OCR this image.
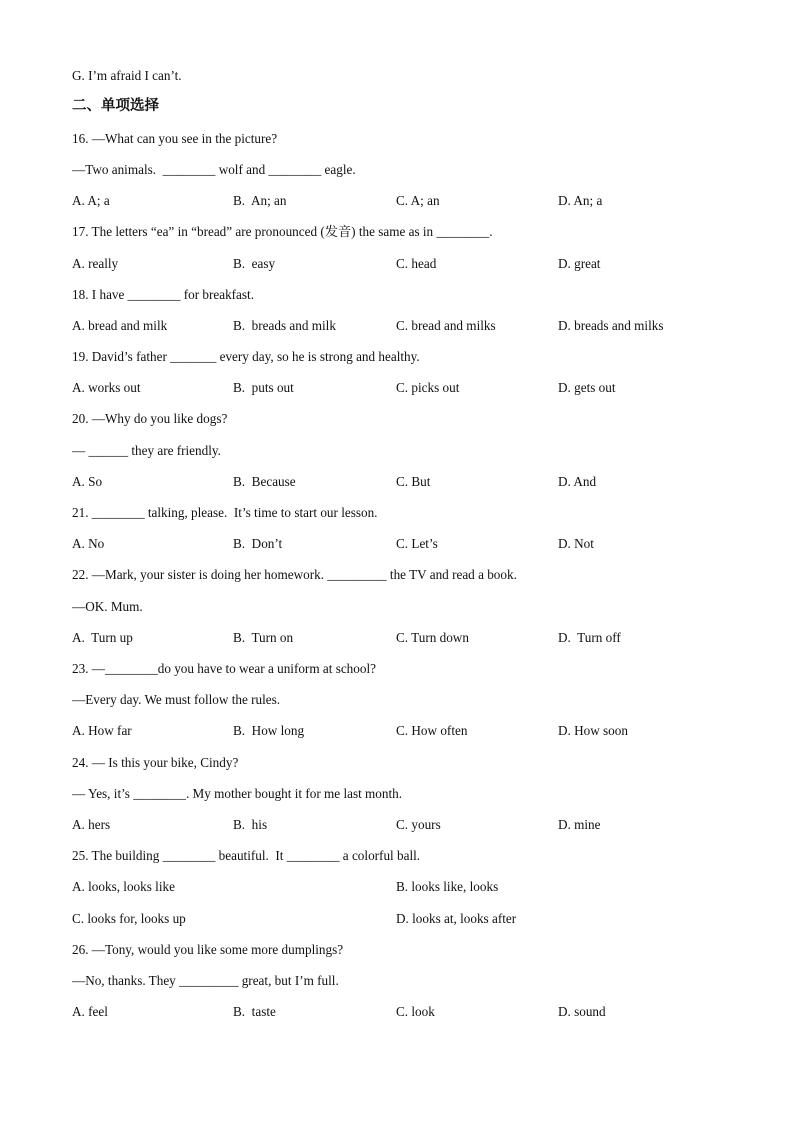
G. I’m afraid I can’t.
二、单项选择
16. —What can you see in the picture?
—Two animals.  ________ wolf and ________ eagle.
A. A; a	B.  An; an	C. A; an	D. An; a
17. The letters “ea” in “bread” are pronounced (发音) the same as in ________.
A. really	B.  easy	C. head	D. great
18. I have ________ for breakfast.
A. bread and milk	B.  breads and milk	C. bread and milks	D. breads and milks
19. David’s father _______ every day, so he is strong and healthy.
A. works out	B.  puts out	C. picks out	D. gets out
20. —Why do you like dogs?
— ______ they are friendly.
A. So	B.  Because	C. But	D. And
21. ________ talking, please.  It’s time to start our lesson.
A. No	B.  Don’t	C. Let’s	D. Not
22. —Mark, your sister is doing her homework. _________ the TV and read a book.
—OK. Mum.
A.  Turn up	B.  Turn on	C. Turn down	D.  Turn off
23. —________do you have to wear a uniform at school?
—Every day. We must follow the rules.
A. How far	B.  How long	C. How often	D. How soon
24. — Is this your bike, Cindy?
— Yes, it’s ________. My mother bought it for me last month.
A. hers	B.  his	C. yours	D. mine
25. The building ________ beautiful.  It ________ a colorful ball.
A. looks, looks like	B. looks like, looks
C. looks for, looks up	D. looks at, looks after
26. —Tony, would you like some more dumplings?
—No, thanks. They _________ great, but I’m full.
A. feel	B.  taste	C. look	D. sound
